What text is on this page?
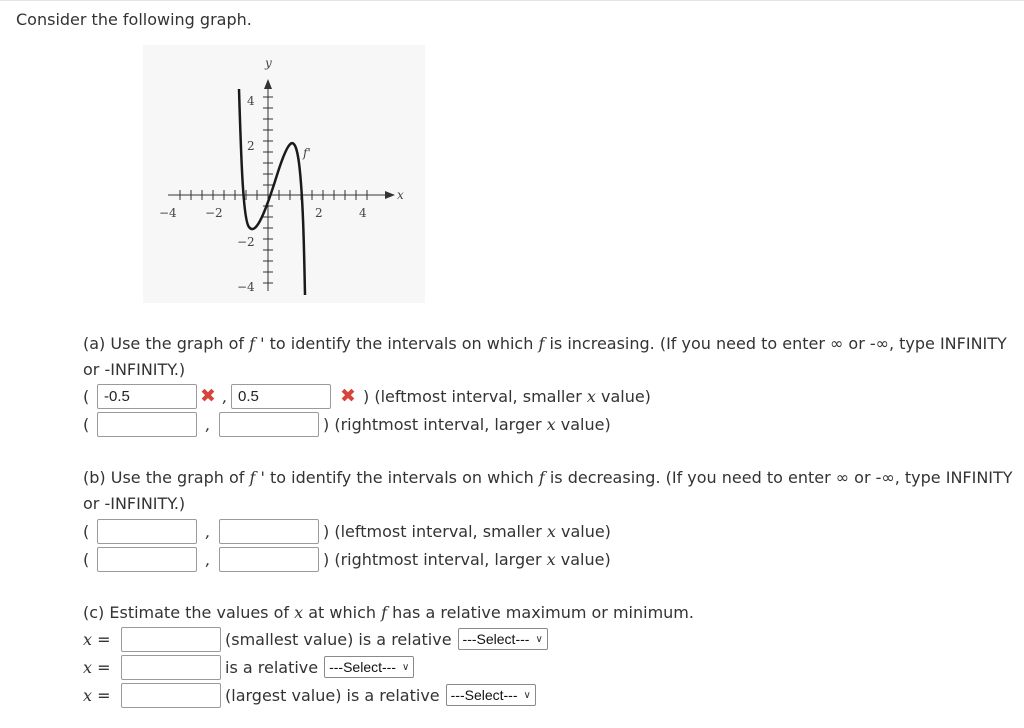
Consider the following graph.
y
x
f'
−4 −2	2	4
4
2
−2
−4
(a) Use the graph of f ' to identify the intervals on which f is increasing. (If you need to enter ∞ or -∞, type INFINITY or -INFINITY.)
( -0.5	✖ , 0.5	✖ ) (leftmost interval, smaller x value)
(	,	) (rightmost interval, larger x value)
(b) Use the graph of f ' to identify the intervals on which f is decreasing. (If you need to enter ∞ or -∞, type INFINITY or -INFINITY.)
(	,	) (leftmost interval, smaller x value)
(	,	) (rightmost interval, larger x value)
(c) Estimate the values of x at which f has a relative maximum or minimum.
x =	(smallest value) is a relative ---Select--- ∨
x =	is a relative ---Select--- ∨
x =	(largest value) is a relative ---Select--- ∨
